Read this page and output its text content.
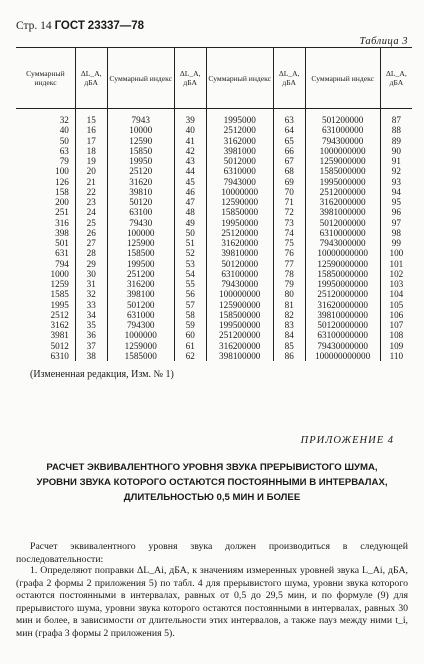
Стр. 14 ГОСТ 23337—78
Таблица 3
Суммарный индекс	ΔL_A, дБА	Суммарный индекс	ΔL_A, дБА	Суммарный индекс	ΔL_A, дБА	Суммарный индекс	ΔL_A, дБА
32	15	7943	39	1995000	63	501200000	87
40	16	10000	40	2512000	64	631000000	88
50	17	12590	41	3162000	65	794300000	89
63	18	15850	42	3981000	66	1000000000	90
79	19	19950	43	5012000	67	1259000000	91
100	20	25120	44	6310000	68	1585000000	92
126	21	31620	45	7943000	69	1995000000	93
158	22	39810	46	10000000	70	2512000000	94
200	23	50120	47	12590000	71	3162000000	95
251	24	63100	48	15850000	72	3981000000	96
316	25	79430	49	19950000	73	5012000000	97
398	26	100000	50	25120000	74	6310000000	98
501	27	125900	51	31620000	75	7943000000	99
631	28	158500	52	39810000	76	10000000000	100
794	29	199500	53	50120000	77	12590000000	101
1000	30	251200	54	63100000	78	15850000000	102
1259	31	316200	55	79430000	79	19950000000	103
1585	32	398100	56	100000000	80	25120000000	104
1995	33	501200	57	125900000	81	31620000000	105
2512	34	631000	58	158500000	82	39810000000	106
3162	35	794300	59	199500000	83	50120000000	107
3981	36	1000000	60	251200000	84	63100000000	108
5012	37	1259000	61	316200000	85	79430000000	109
6310	38	1585000	62	398100000	86	100000000000	110
(Измененная редакция, Изм. № 1)
ПРИЛОЖЕНИЕ 4
РАСЧЕТ ЭКВИВАЛЕНТНОГО УРОВНЯ ЗВУКА ПРЕРЫВИСТОГО ШУМА,
УРОВНИ ЗВУКА КОТОРОГО ОСТАЮТСЯ ПОСТОЯННЫМИ В ИНТЕРВАЛАХ,
ДЛИТЕЛЬНОСТЬЮ 0,5 МИН И БОЛЕЕ
Расчет эквивалентного уровня звука должен производиться в следующей последовательности:
1. Определяют поправки ΔL_Ai, дБА, к значениям измеренных уровней звука L_Ai, дБА, (графа 2 формы 2 приложения 5) по табл. 4 для прерывистого шума, уровни звука которого остаются постоянными в интервалах, равных от 0,5 до 29,5 мин, и по формуле (9) для прерывистого шума, уровни звука которого остаются постоянными в интервалах, равных 30 мин и более, в зависимости от длительности этих интервалов, а также пауз между ними t_i, мин (графа 3 формы 2 приложения 5).
